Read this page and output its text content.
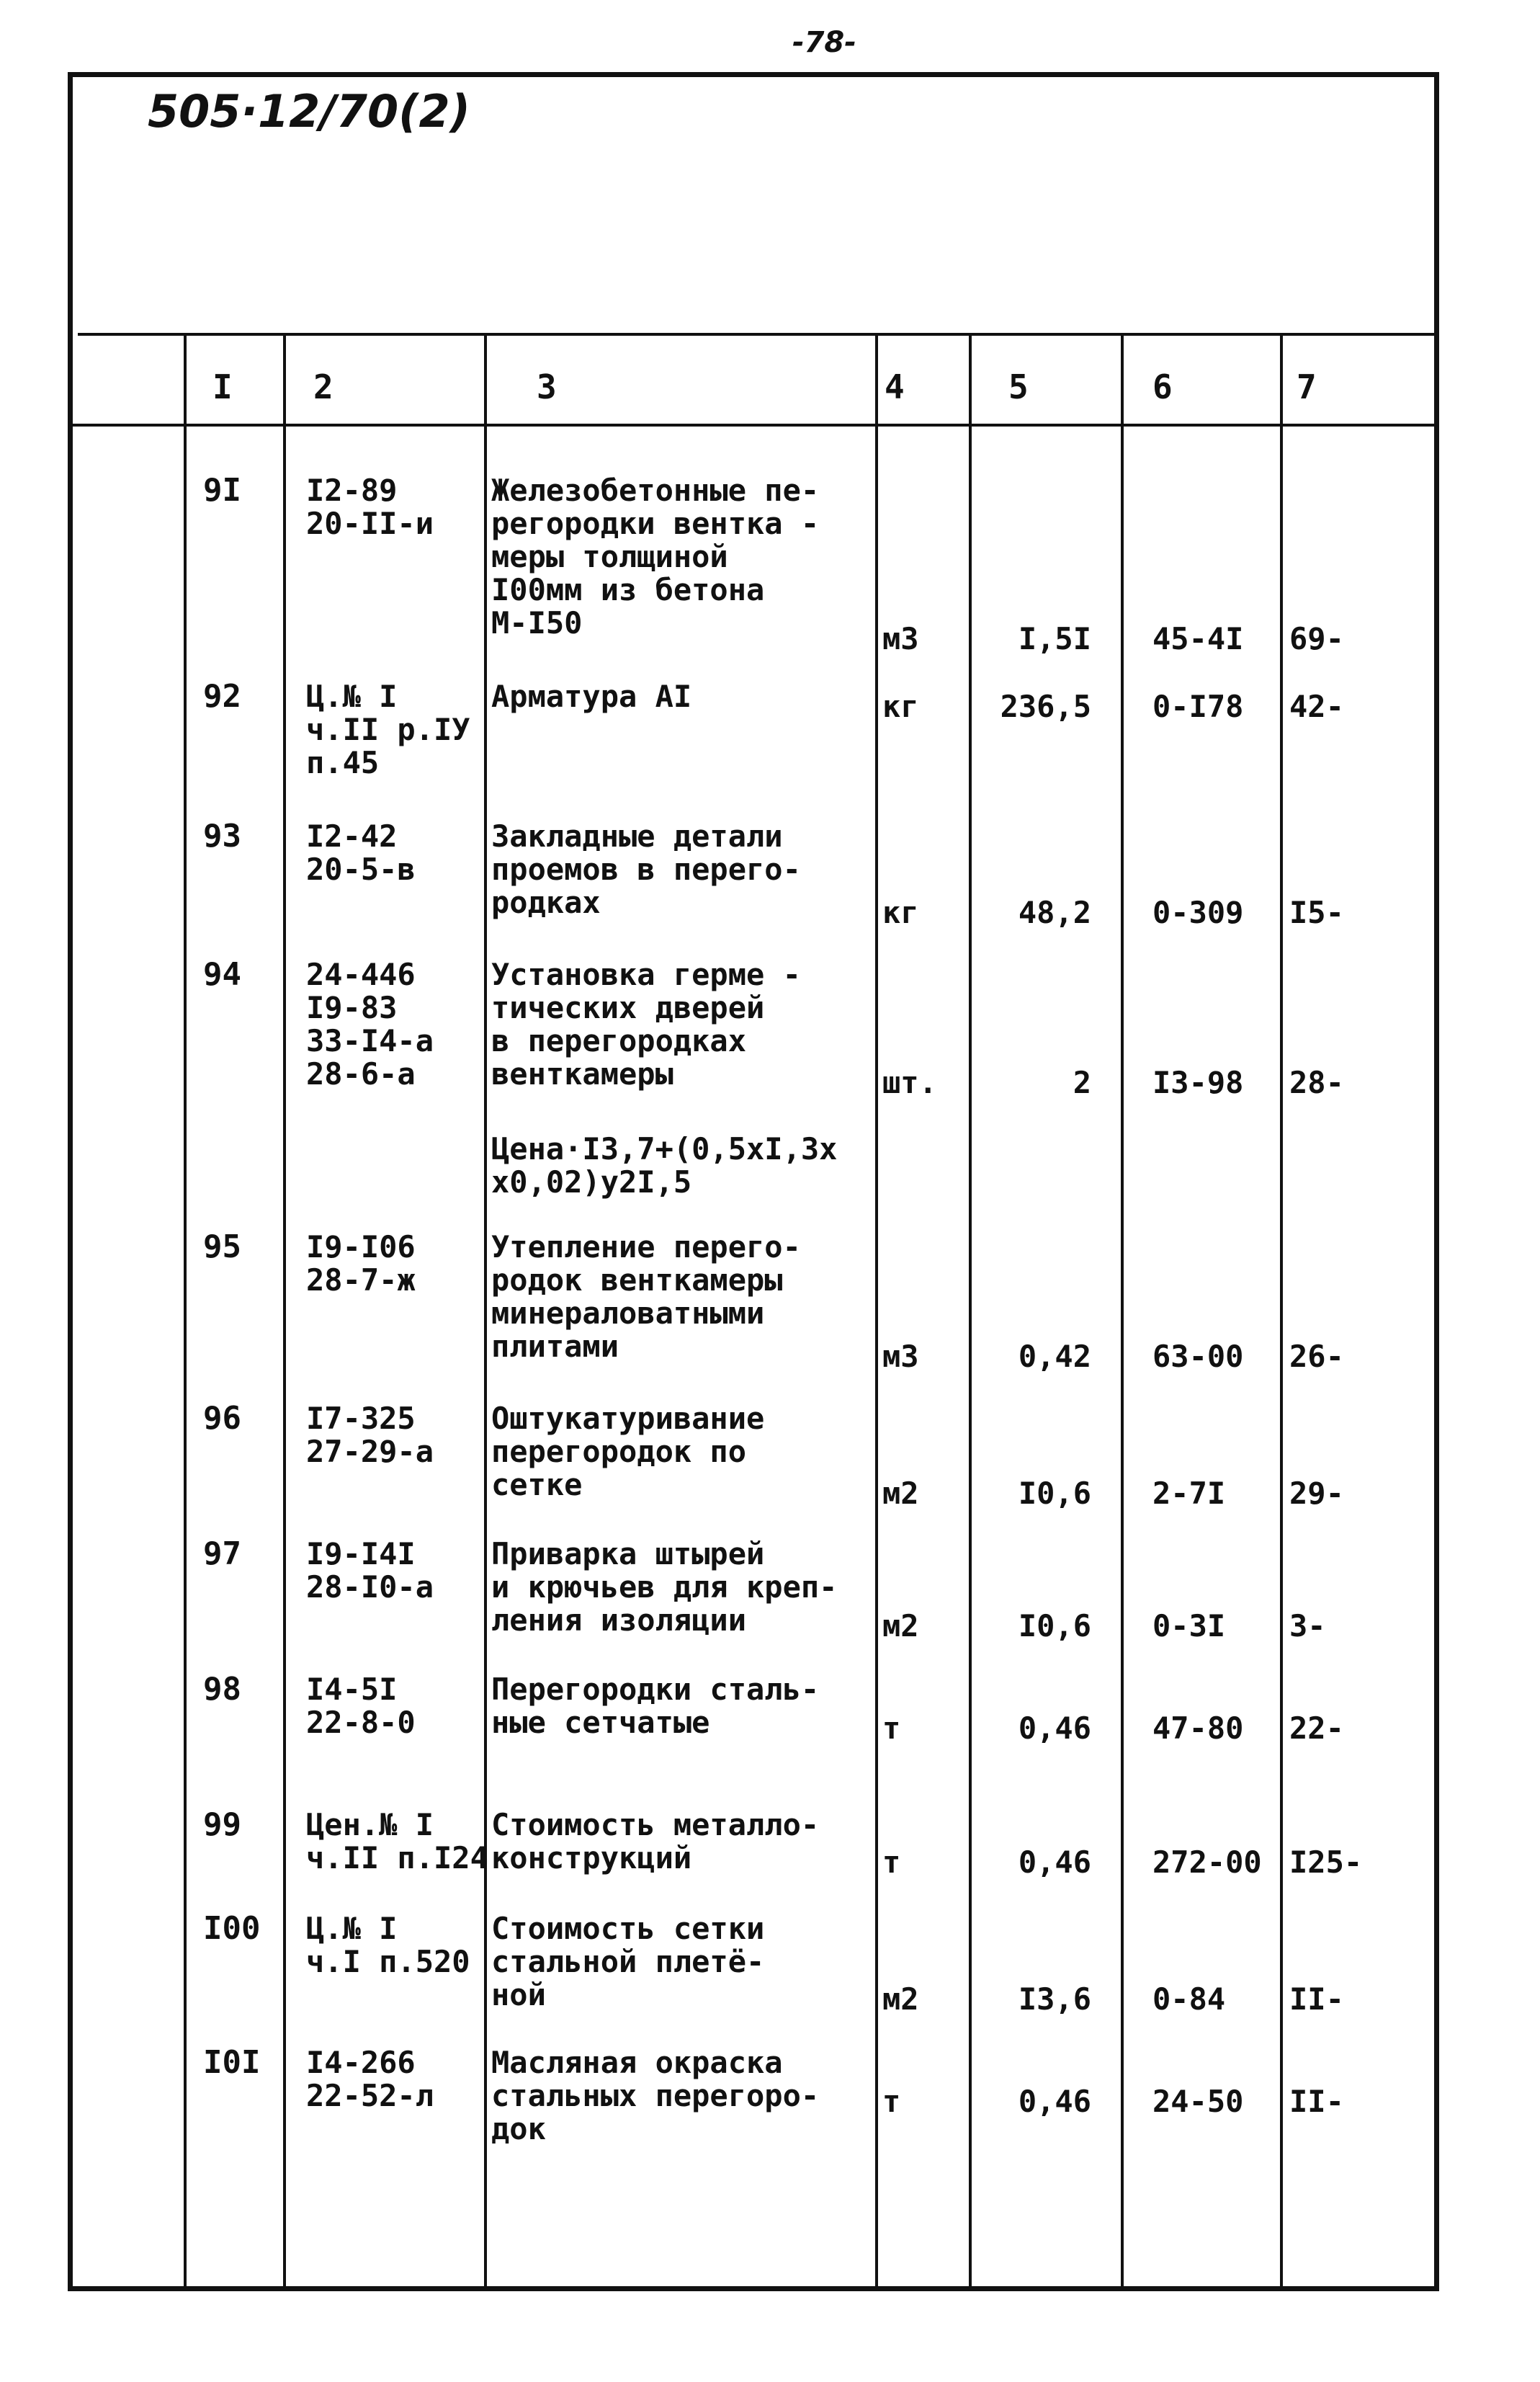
-78-
505·12/70(2)
I 2	3	4	5	6	7
9I I2-89
20-II-и
Железобетонные пе-
регородки вентка -
меры толщиной
I00мм из бетона
М-I50	м3	I,5I 45-4I 69-
92 Ц.№ I
ч.II р.IУ
п.45
Арматура АI	кг	236,5 0-I78 42-
93 I2-42
20-5-в
Закладные детали
проемов в перего-
родках	кг	48,2 0-309 I5-
94 24-446
I9-83
33-I4-а
28-6-а
Установка герме -
тических дверей
в перегородках
венткамеры	шт.	2 I3-98 28-
Цена·I3,7+(0,5хI,3х
х0,02)у2I,5
95 I9-I06
28-7-ж
Утепление перего-
родок венткамеры
минераловатными
плитами	м3	0,42 63-00 26-
96 I7-325
27-29-а
Оштукатуривание
перегородок по
сетке	м2	I0,6 2-7I 29-
97 I9-I4I
28-I0-а
Приварка штырей
и крючьев для креп-
ления изоляции	м2	I0,6 0-3I 3-
98 I4-5I
22-8-0
Перегородки сталь-
ные сетчатые	т	0,46 47-80 22-
99 Цен.№ I
ч.II п.I24
Стоимость металло-
конструкций	т	0,46 272-00 I25-
I00 Ц.№ I
ч.I п.520
Стоимость сетки
стальной плетё-
ной	м2	I3,6 0-84 II-
I0I I4-266
22-52-л
Масляная окраска
стальных перегоро-
док
т	0,46 24-50 II-
